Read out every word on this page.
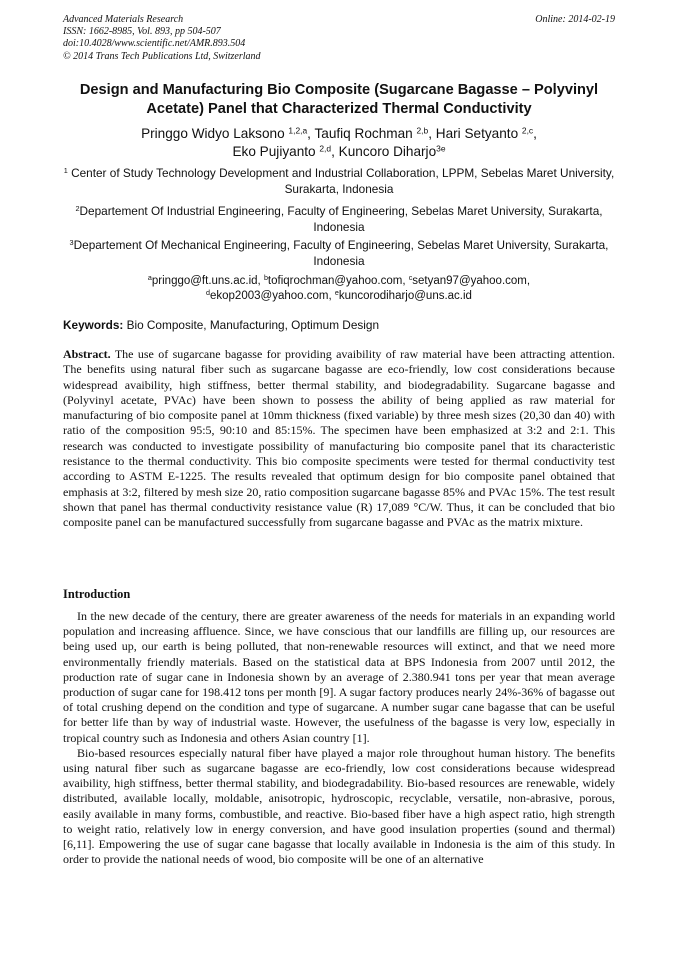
Advanced Materials Research
ISSN: 1662-8985, Vol. 893, pp 504-507
doi:10.4028/www.scientific.net/AMR.893.504
© 2014 Trans Tech Publications Ltd, Switzerland
Online: 2014-02-19
Design and Manufacturing Bio Composite (Sugarcane Bagasse – Polyvinyl Acetate) Panel that Characterized Thermal Conductivity
Pringgo Widyo Laksono $^{1,2,a}$, Taufiq Rochman $^{2,b}$, Hari Setyanto $^{2,c}$,
Eko Pujiyanto $^{2,d}$, Kuncoro Diharjo$^{3e}$
$^1$ Center of Study Technology Development and Industrial Collaboration, LPPM, Sebelas Maret University, Surakarta, Indonesia
$^2$Departement Of Industrial Engineering, Faculty of Engineering, Sebelas Maret University, Surakarta, Indonesia
$^3$Departement Of Mechanical Engineering, Faculty of Engineering, Sebelas Maret University, Surakarta, Indonesia
$^a$pringgo@ft.uns.ac.id, $^b$tofiqrochman@yahoo.com, $^c$setyan97@yahoo.com,
$^d$ekop2003@yahoo.com, $^e$kuncorodiharjo@uns.ac.id
Keywords: Bio Composite, Manufacturing, Optimum Design
Abstract. The use of sugarcane bagasse for providing avaibility of raw material have been attracting attention. The benefits using natural fiber such as sugarcane bagasse are eco-friendly, low cost considerations because widespread avaibility, high stiffness, better thermal stability, and biodegradability. Sugarcane bagasse and (Polyvinyl acetate, PVAc) have been shown to possess the ability of being applied as raw material for manufacturing of bio composite panel at 10mm thickness (fixed variable) by three mesh sizes (20,30 dan 40) with ratio of the composition 95:5, 90:10 and 85:15%. The specimen have been emphasized at 3:2 and 2:1. This research was conducted to investigate possibility of manufacturing bio composite panel that its characteristic resistance to the thermal conductivity. This bio composite speciments were tested for thermal conductivity test according to ASTM E-1225. The results revealed that optimum design for bio composite panel obtained that emphasis at 3:2, filtered by mesh size 20, ratio composition sugarcane bagasse 85% and PVAc 15%. The test result shown that panel has thermal conductivity resistance value (R) 17,089 °C/W. Thus, it can be concluded that bio composite panel can be manufactured successfully from sugarcane bagasse and PVAc as the matrix mixture.
Introduction

In the new decade of the century, there are greater awareness of the needs for materials in an expanding world population and increasing affluence. Since, we have conscious that our landfills are filling up, our resources are being used up, our earth is being polluted, that non-renewable resources will extinct, and that we need more environmentally friendly materials. Based on the statistical data at BPS Indonesia from 2007 until 2012, the production rate of sugar cane in Indonesia shown by an average of 2.380.941 tons per year that mean average production of sugar cane for 198.412 tons per month [9]. A sugar factory produces nearly 24%-36% of bagasse out of total crushing depend on the condition and type of sugarcane. A number sugar cane bagasse that can be useful for better life than by way of industrial waste. However, the usefulness of the bagasse is very low, especially in tropical country such as Indonesia and others Asian country [1].

Bio-based resources especially natural fiber have played a major role throughout human history. The benefits using natural fiber such as sugarcane bagasse are eco-friendly, low cost considerations because widespread avaibility, high stiffness, better thermal stability, and biodegradability. Bio-based resources are renewable, widely distributed, available locally, moldable, anisotropic, hydroscopic, recyclable, versatile, non-abrasive, porous, easily available in many forms, combustible, and reactive. Bio-based fiber have a high aspect ratio, high strength to weight ratio, relatively low in energy conversion, and have good insulation properties (sound and thermal) [6,11]. Empowering the use of sugar cane bagasse that locally available in Indonesia is the aim of this study. In order to provide the national needs of wood, bio composite will be one of an alternative
